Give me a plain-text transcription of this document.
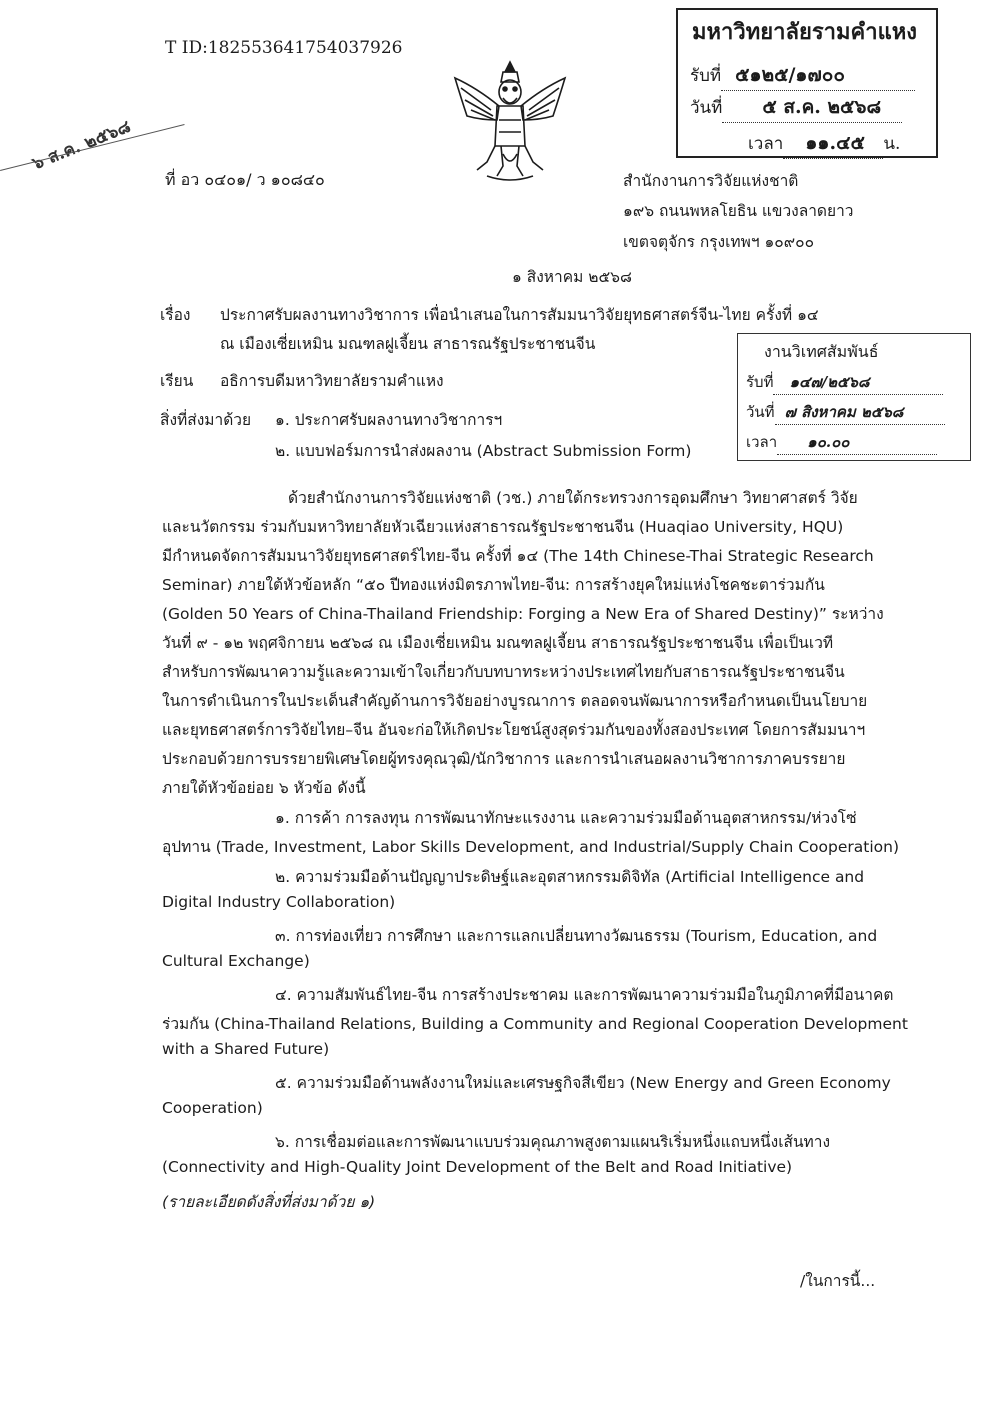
T ID:182553641754037926
๖ ส.ค. ๒๕๖๘
ที่ อว ๐๔๐๑/ ว ๑๐๘๔๐
มหาวิทยาลัยรามคำแหง
รับที่ ๕๑๒๕/๑๗๐๐
วันที่ ๕ ส.ค. ๒๕๖๘
เวลา ๑๑.๔๕ น.
สำนักงานการวิจัยแห่งชาติ
๑๙๖ ถนนพหลโยธิน แขวงลาดยาว
เขตจตุจักร กรุงเทพฯ ๑๐๙๐๐
๑ สิงหาคม ๒๕๖๘
เรื่อง ประกาศรับผลงานทางวิชาการ เพื่อนำเสนอในการสัมมนาวิจัยยุทธศาสตร์จีน-ไทย ครั้งที่ ๑๔
ณ เมืองเซี่ยเหมิน มณฑลฝูเจี้ยน สาธารณรัฐประชาชนจีน
เรียน อธิการบดีมหาวิทยาลัยรามคำแหง
สิ่งที่ส่งมาด้วย ๑. ประกาศรับผลงานทางวิชาการฯ
๒. แบบฟอร์มการนำส่งผลงาน (Abstract Submission Form)
งานวิเทศสัมพันธ์
รับที่ ๑๔๗/๒๕๖๘
วันที่ ๗ สิงหาคม ๒๕๖๘
เวลา ๑๐.๐๐
ด้วยสำนักงานการวิจัยแห่งชาติ (วช.) ภายใต้กระทรวงการอุดมศึกษา วิทยาศาสตร์ วิจัย
และนวัตกรรม ร่วมกับมหาวิทยาลัยหัวเฉียวแห่งสาธารณรัฐประชาชนจีน (Huaqiao University, HQU)
มีกำหนดจัดการสัมมนาวิจัยยุทธศาสตร์ไทย-จีน ครั้งที่ ๑๔ (The 14th Chinese-Thai Strategic Research
Seminar) ภายใต้หัวข้อหลัก “๕๐ ปีทองแห่งมิตรภาพไทย-จีน: การสร้างยุคใหม่แห่งโชคชะตาร่วมกัน
(Golden 50 Years of China-Thailand Friendship: Forging a New Era of Shared Destiny)” ระหว่าง
วันที่ ๙ - ๑๒ พฤศจิกายน ๒๕๖๘ ณ เมืองเซี่ยเหมิน มณฑลฝูเจี้ยน สาธารณรัฐประชาชนจีน เพื่อเป็นเวที
สำหรับการพัฒนาความรู้และความเข้าใจเกี่ยวกับบทบาทระหว่างประเทศไทยกับสาธารณรัฐประชาชนจีน
ในการดำเนินการในประเด็นสำคัญด้านการวิจัยอย่างบูรณาการ ตลอดจนพัฒนาการหรือกำหนดเป็นนโยบาย
และยุทธศาสตร์การวิจัยไทย–จีน อันจะก่อให้เกิดประโยชน์สูงสุดร่วมกันของทั้งสองประเทศ โดยการสัมมนาฯ
ประกอบด้วยการบรรยายพิเศษโดยผู้ทรงคุณวุฒิ/นักวิชาการ และการนำเสนอผลงานวิชาการภาคบรรยาย
ภายใต้หัวข้อย่อย ๖ หัวข้อ ดังนี้
๑. การค้า การลงทุน การพัฒนาทักษะแรงงาน และความร่วมมือด้านอุตสาหกรรม/ห่วงโซ่
อุปทาน (Trade, Investment, Labor Skills Development, and Industrial/Supply Chain Cooperation)
๒. ความร่วมมือด้านปัญญาประดิษฐ์และอุตสาหกรรมดิจิทัล (Artificial Intelligence and
Digital Industry Collaboration)
๓. การท่องเที่ยว การศึกษา และการแลกเปลี่ยนทางวัฒนธรรม (Tourism, Education, and
Cultural Exchange)
๔. ความสัมพันธ์ไทย-จีน การสร้างประชาคม และการพัฒนาความร่วมมือในภูมิภาคที่มีอนาคต
ร่วมกัน (China-Thailand Relations, Building a Community and Regional Cooperation Development
with a Shared Future)
๕. ความร่วมมือด้านพลังงานใหม่และเศรษฐกิจสีเขียว (New Energy and Green Economy
Cooperation)
๖. การเชื่อมต่อและการพัฒนาแบบร่วมคุณภาพสูงตามแผนริเริ่มหนึ่งแถบหนึ่งเส้นทาง
(Connectivity and High-Quality Joint Development of the Belt and Road Initiative)
(รายละเอียดดังสิ่งที่ส่งมาด้วย ๑)
/ในการนี้...
